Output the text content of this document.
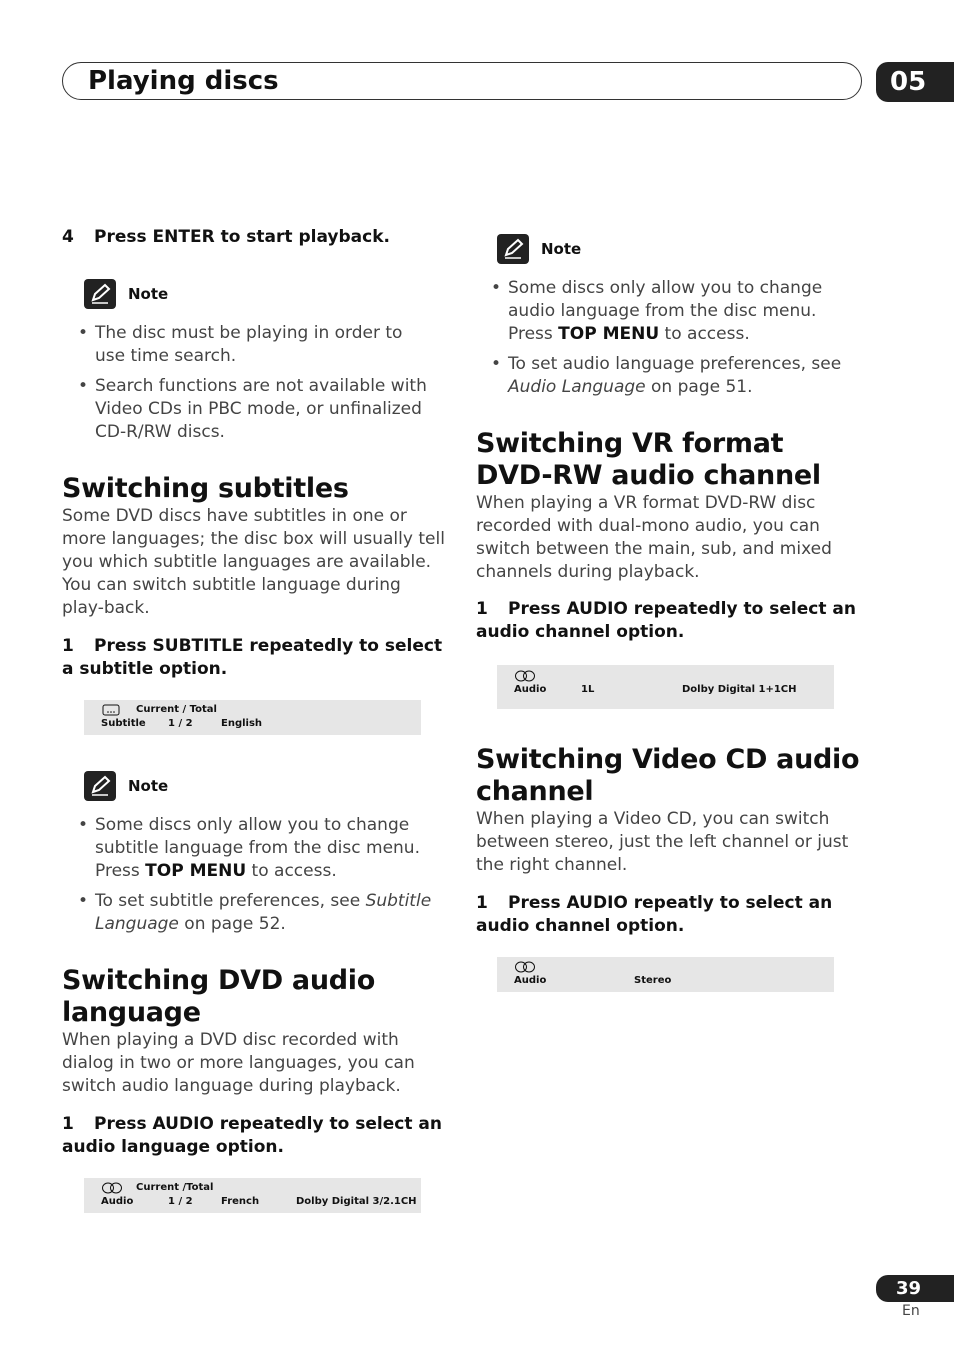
Playing discs	05
4 Press ENTER to start playback.
Note
• The disc must be playing in order to use time search.
• Search functions are not available with Video CDs in PBC mode, or unfinalized CD-R/RW discs.
Switching subtitles
Some DVD discs have subtitles in one or more languages; the disc box will usually tell you which subtitle languages are available. You can switch subtitle language during play-back.
1 Press SUBTITLE repeatedly to select a subtitle option.
Current / Total
Subtitle 1 / 2	English
Note
• Some discs only allow you to change subtitle language from the disc menu. Press TOP MENU to access.
• To set subtitle preferences, see Subtitle Language on page 52.
Switching DVD audio language
When playing a DVD disc recorded with dialog in two or more languages, you can switch audio language during playback.
1 Press AUDIO repeatedly to select an audio language option.
Current /Total
Audio	1 / 2	French	Dolby Digital 3/2.1CH
Note
• Some discs only allow you to change audio language from the disc menu. Press TOP MENU to access.
• To set audio language preferences, see Audio Language on page 51.
Switching VR format DVD-RW audio channel
When playing a VR format DVD-RW disc recorded with dual-mono audio, you can switch between the main, sub, and mixed channels during playback.
1 Press AUDIO repeatedly to select an audio channel option.
Audio	1L	Dolby Digital 1+1CH
Switching Video CD audio channel
When playing a Video CD, you can switch between stereo, just the left channel or just the right channel.
1 Press AUDIO repeatly to select an audio channel option.
Audio	Stereo
39
En
